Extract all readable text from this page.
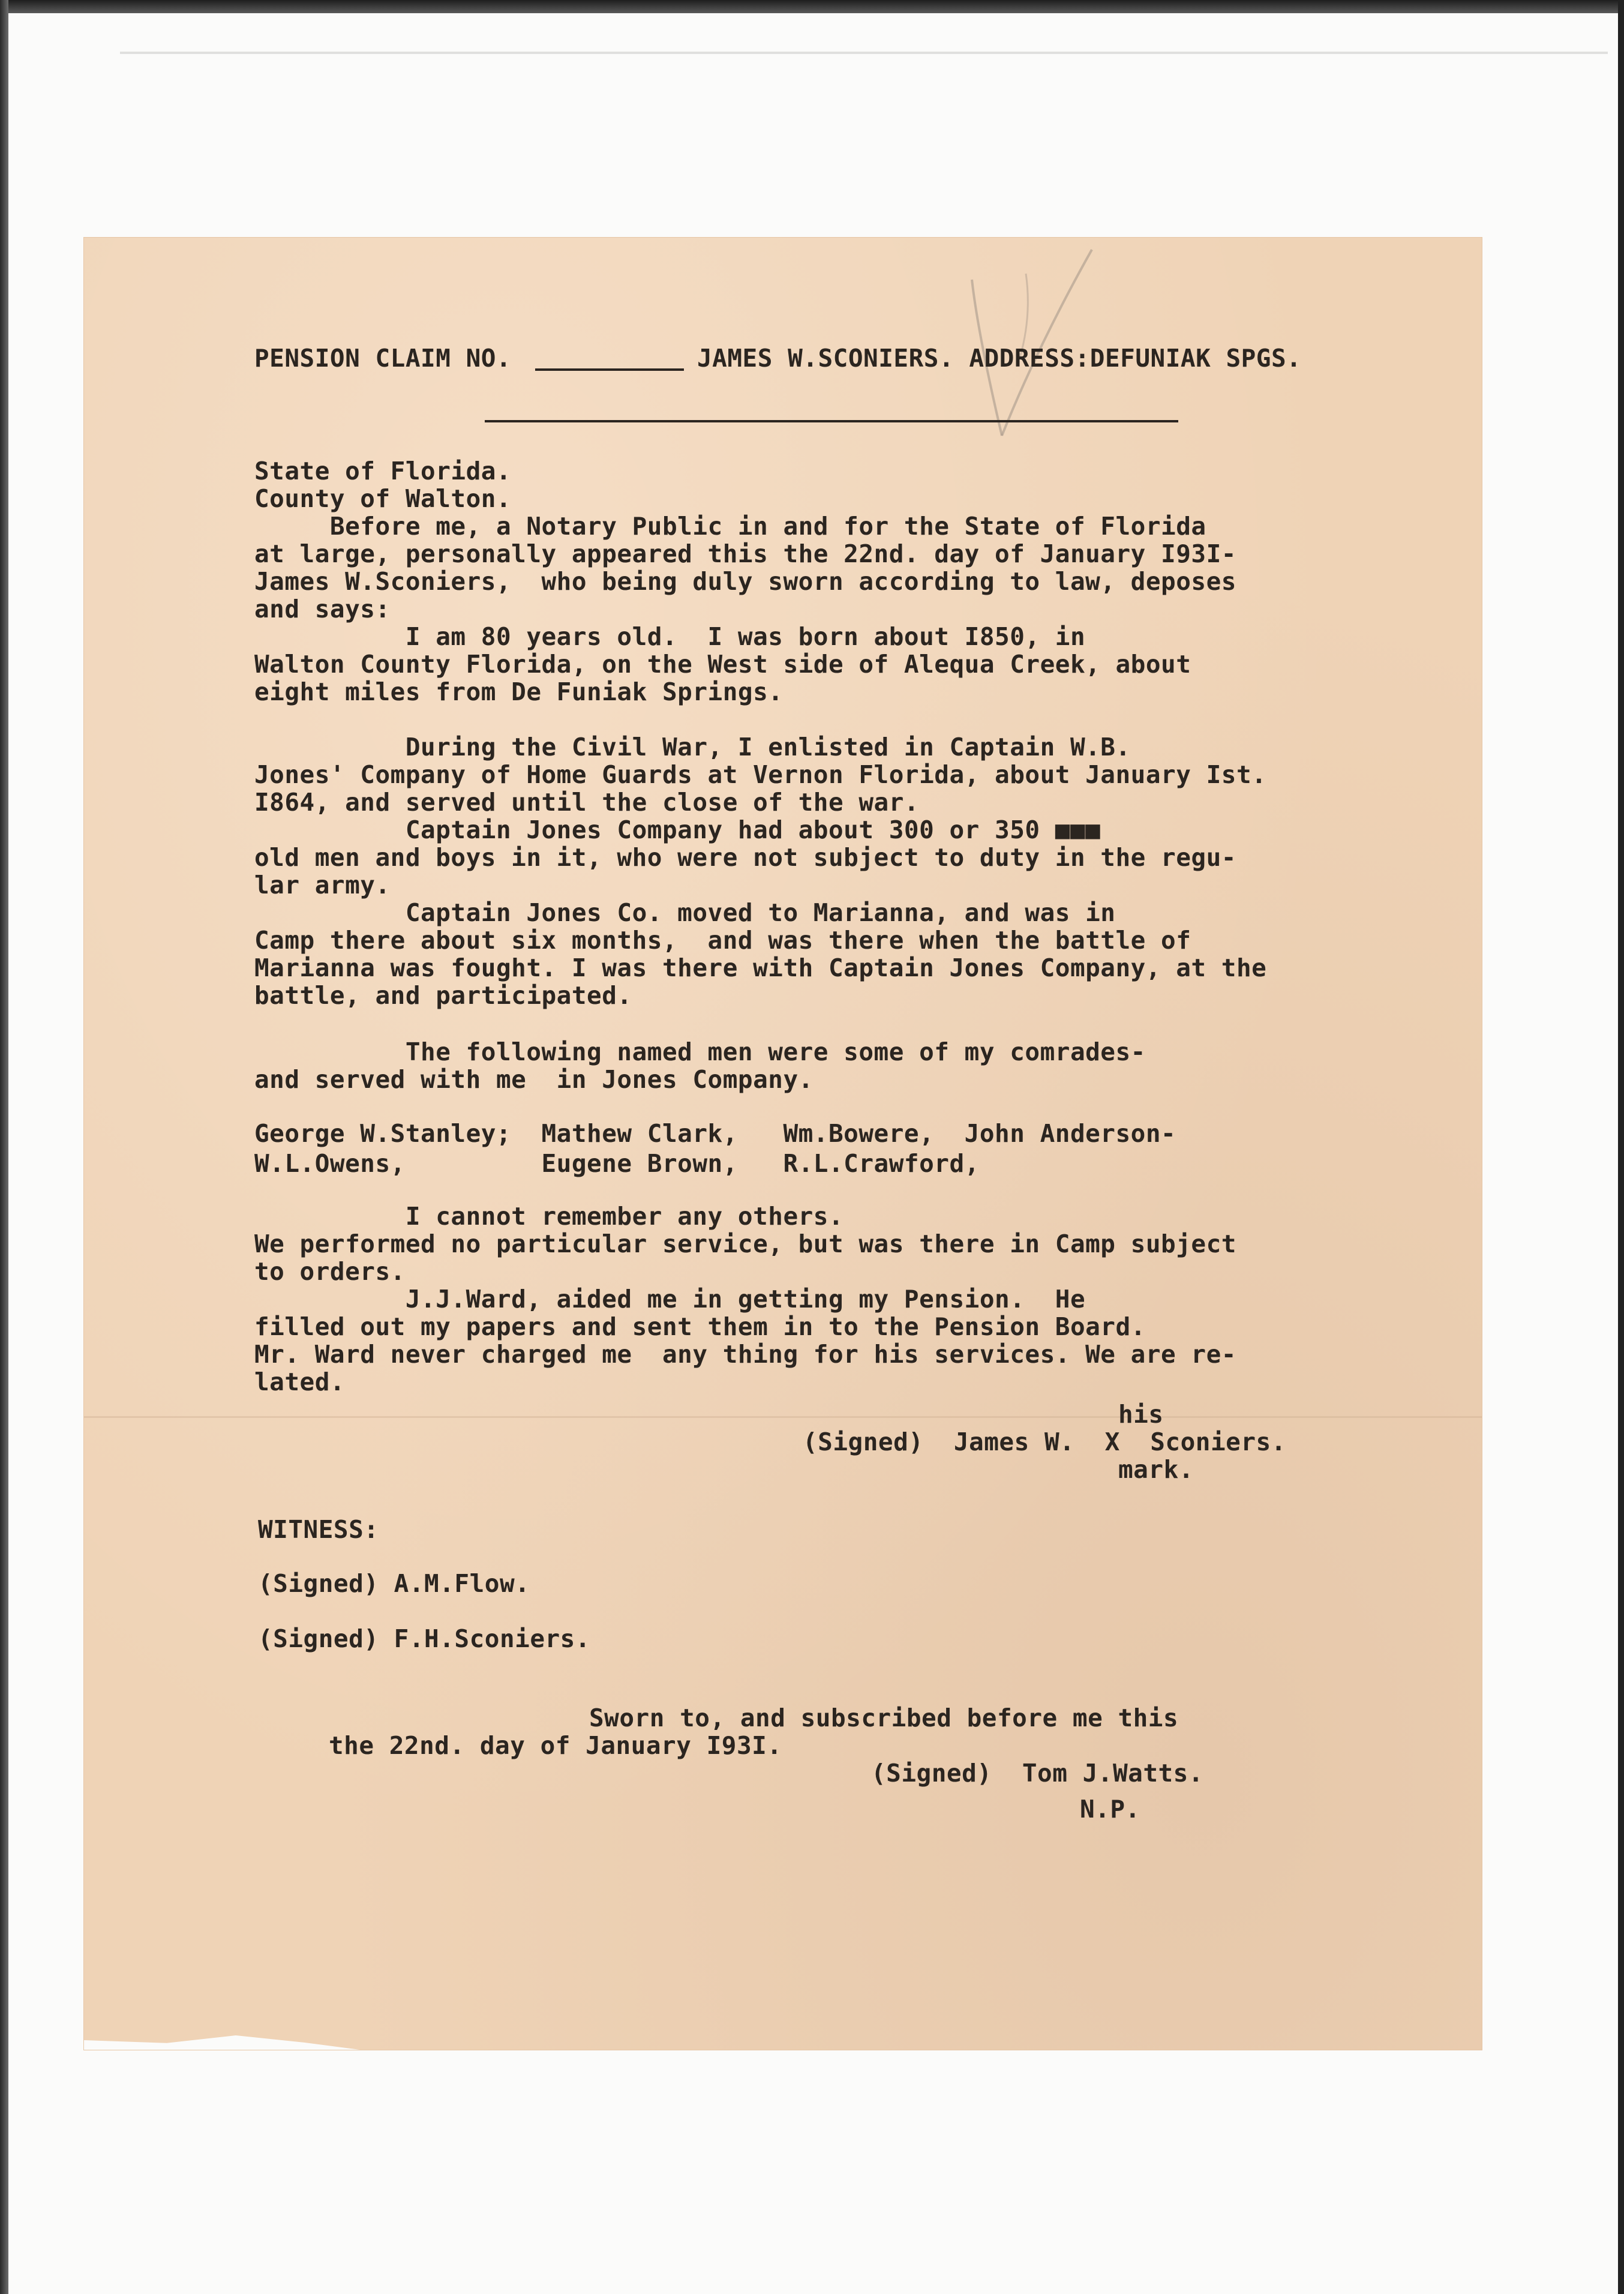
PENSION CLAIM NO.	JAMES W.SCONIERS. ADDRESS:DEFUNIAK SPGS.
State of Florida.
County of Walton.
Before me, a Notary Public in and for the State of Florida
at large, personally appeared this the 22nd. day of January I93I-
James W.Sconiers,  who being duly sworn according to law, deposes
and says:
I am 80 years old.  I was born about I850, in
Walton County Florida, on the West side of Alequa Creek, about
eight miles from De Funiak Springs.
During the Civil War, I enlisted in Captain W.B.
Jones' Company of Home Guards at Vernon Florida, about January Ist.
I864, and served until the close of the war.
Captain Jones Company had about 300 or 350 ■■■
old men and boys in it, who were not subject to duty in the regu-
lar army.
Captain Jones Co. moved to Marianna, and was in
Camp there about six months,  and was there when the battle of
Marianna was fought. I was there with Captain Jones Company, at the
battle, and participated.
The following named men were some of my comrades-
and served with me  in Jones Company.
George W.Stanley;  Mathew Clark,   Wm.Bowere,  John Anderson-
W.L.Owens,         Eugene Brown,   R.L.Crawford,
I cannot remember any others.
We performed no particular service, but was there in Camp subject
to orders.
J.J.Ward, aided me in getting my Pension.  He
filled out my papers and sent them in to the Pension Board.
Mr. Ward never charged me  any thing for his services. We are re-
lated.
his
(Signed)  James W.  X  Sconiers.
mark.
WITNESS:
(Signed) A.M.Flow.
(Signed) F.H.Sconiers.
Sworn to, and subscribed before me this
the 22nd. day of January I93I.
(Signed)  Tom J.Watts.
N.P.
